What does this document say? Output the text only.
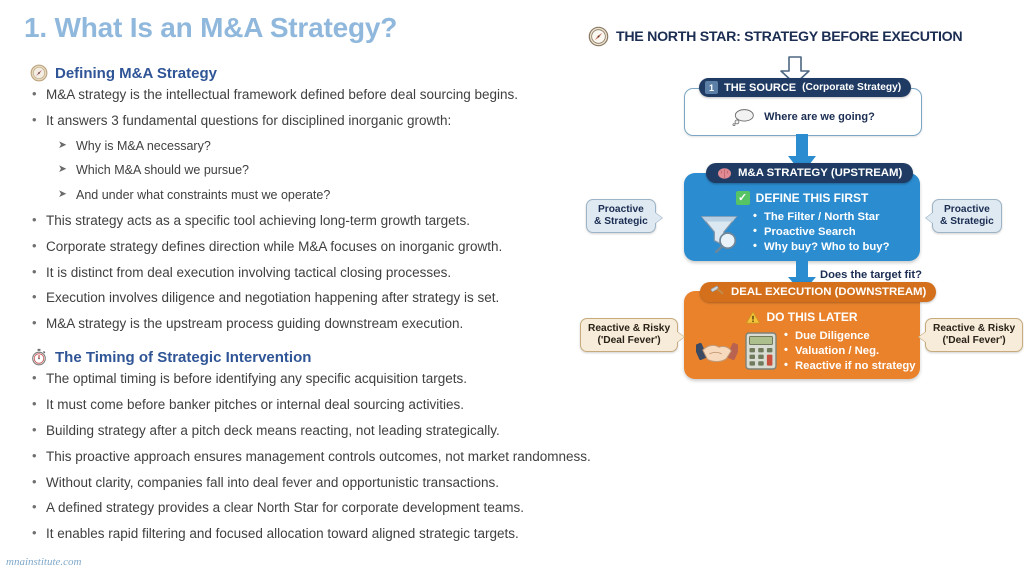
1. What Is an M&A Strategy?
Defining M&A Strategy
• M&A strategy is the intellectual framework defined before deal sourcing begins.
• It answers 3 fundamental questions for disciplined inorganic growth:
➤ Why is M&A necessary?
➤ Which M&A should we pursue?
➤ And under what constraints must we operate?
• This strategy acts as a specific tool achieving long-term growth targets.
• Corporate strategy defines direction while M&A focuses on inorganic growth.
• It is distinct from deal execution involving tactical closing processes.
• Execution involves diligence and negotiation happening after strategy is set.
• M&A strategy is the upstream process guiding downstream execution.
The Timing of Strategic Intervention
• The optimal timing is before identifying any specific acquisition targets.
• It must come before banker pitches or internal deal sourcing activities.
• Building strategy after a pitch deck means reacting, not leading strategically.
• This proactive approach ensures management controls outcomes, not market randomness.
• Without clarity, companies fall into deal fever and opportunistic transactions.
• A defined strategy provides a clear North Star for corporate development teams.
• It enables rapid filtering and focused allocation toward aligned strategic targets.
mnainstitute.com
THE NORTH STAR: STRATEGY BEFORE EXECUTION
1 THE SOURCE (Corporate Strategy)
Where are we going?
M&A STRATEGY (UPSTREAM)
✓ DEFINE THIS FIRST
• The Filter / North Star
• Proactive Search
• Why buy? Who to buy?
Does the target fit?
DEAL EXECUTION (DOWNSTREAM)
DO THIS LATER
• Due Diligence
• Valuation / Neg.
• Reactive if no strategy
Proactive
& Strategic
Proactive
& Strategic
Reactive & Risky
('Deal Fever')
Reactive & Risky
('Deal Fever')
